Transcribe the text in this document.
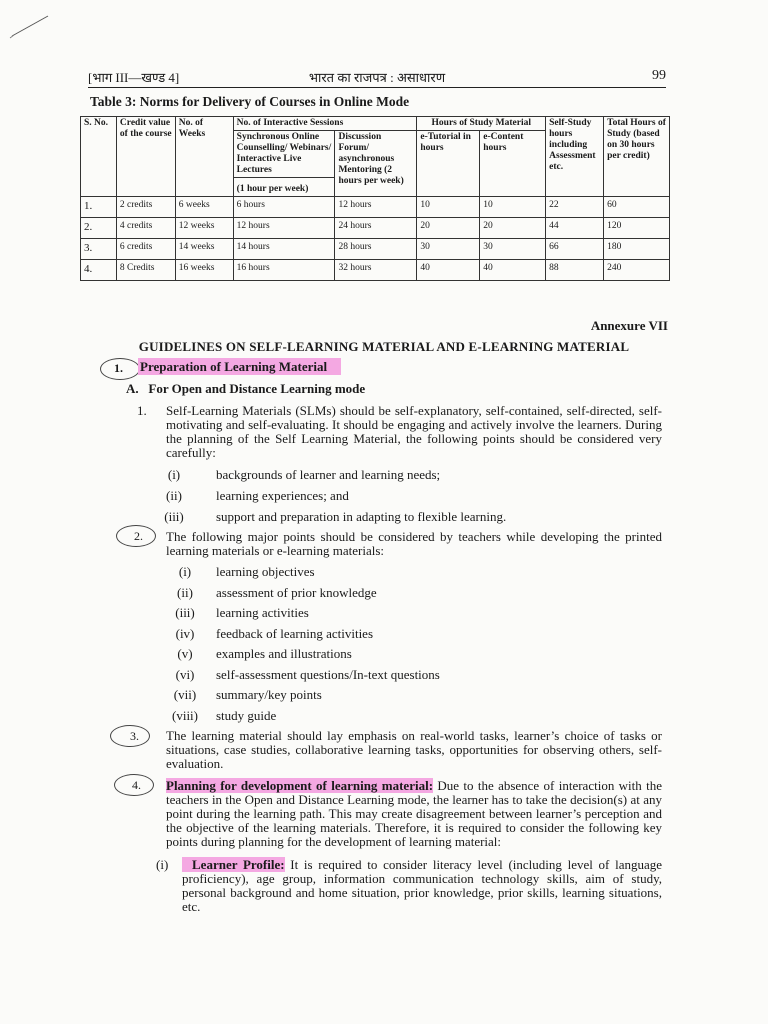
[भाग III—खण्ड 4]	भारत का राजपत्र : असाधारण	99
Table 3: Norms for Delivery of Courses in Online Mode
S. No.	Credit value of the course	No. of Weeks	No. of Interactive Sessions		Hours of Study Material		Self-Study hours including Assessment etc.	Total Hours of Study (based on 30 hours per credit)
			Synchronous Online Counselling/ Webinars/ Interactive Live Lectures	Discussion Forum/ asynchronous Mentoring (2 hours per week)	e-Tutorial in hours	e-Content hours		
			(1 hour per week)					
1.	2 credits	6 weeks	6 hours	12 hours	10	10	22	60
2.	4 credits	12 weeks	12 hours	24 hours	20	20	44	120
3.	6 credits	14 weeks	14 hours	28 hours	30	30	66	180
4.	8 Credits	16 weeks	16 hours	32 hours	40	40	88	240
Annexure VII
GUIDELINES ON SELF-LEARNING MATERIAL AND E-LEARNING MATERIAL
1. Preparation of Learning Material
A.   For Open and Distance Learning mode
1. Self-Learning Materials (SLMs) should be self-explanatory, self-contained, self-directed, self-motivating and self-evaluating. It should be engaging and actively involve the learners. During the planning of the Self Learning Material, the following points should be considered very carefully:
(i)	backgrounds of learner and learning needs;
(ii)	learning experiences; and
(iii)	support and preparation in adapting to flexible learning.
2. The following major points should be considered by teachers while developing the printed learning materials or e-learning materials:
(i)	learning objectives
(ii)	assessment of prior knowledge
(iii)	learning activities
(iv)	feedback of learning activities
(v)	examples and illustrations
(vi)	self-assessment questions/In-text questions
(vii)	summary/key points
(viii)	study guide
3. The learning material should lay emphasis on real-world tasks, learner’s choice of tasks or situations, case studies, collaborative learning tasks, opportunities for observing others, self-evaluation.
4. Planning for development of learning material: Due to the absence of interaction with the teachers in the Open and Distance Learning mode, the learner has to take the decision(s) at any point during the learning path. This may create disagreement between learner’s perception and the objective of the learning materials. Therefore, it is required to consider the following key points during planning for the development of learning material:
(i)	Learner Profile: It is required to consider literacy level (including level of language proficiency), age group, information communication technology skills, aim of study, personal background and home situation, prior knowledge, prior skills, learning situations, etc.
